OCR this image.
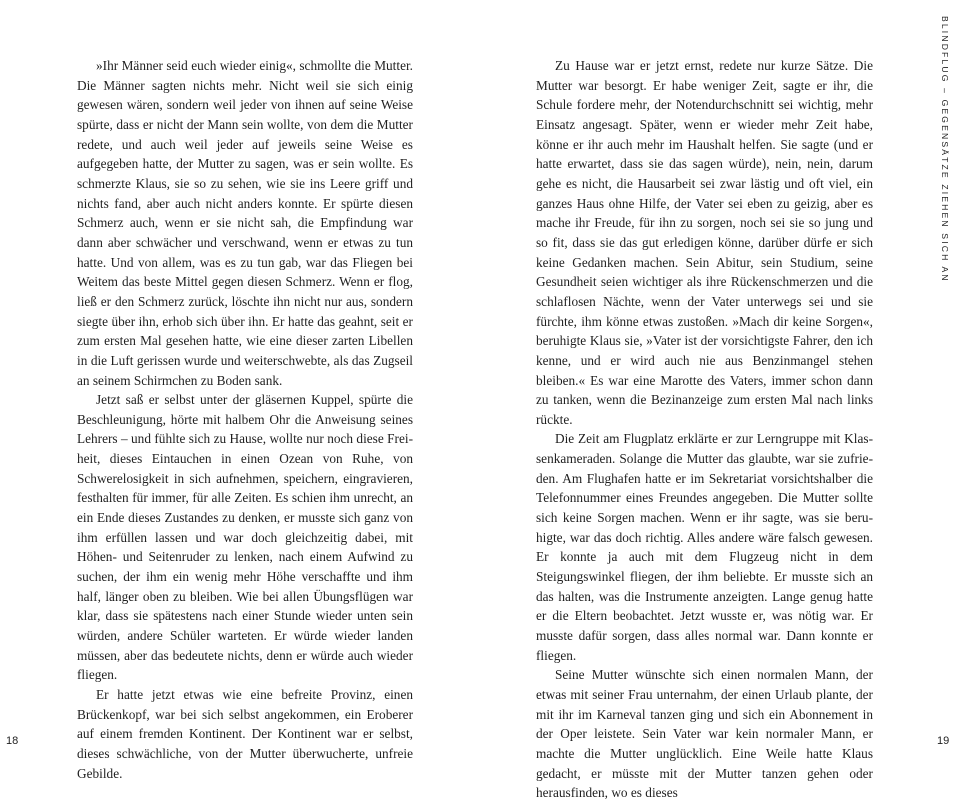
»Ihr Männer seid euch wieder einig«, schmollte die Mutter. Die Männer sagten nichts mehr. Nicht weil sie sich einig gewesen wären, sondern weil jeder von ihnen auf seine Weise spürte, dass er nicht der Mann sein wollte, von dem die Mutter redete, und auch weil jeder auf jeweils seine Weise es aufgegeben hatte, der Mutter zu sagen, was er sein wollte. Es schmerzte Klaus, sie so zu sehen, wie sie ins Leere griff und nichts fand, aber auch nicht anders konnte. Er spürte diesen Schmerz auch, wenn er sie nicht sah, die Empfindung war dann aber schwächer und verschwand, wenn er etwas zu tun hatte. Und von allem, was es zu tun gab, war das Fliegen bei Weitem das beste Mittel gegen diesen Schmerz. Wenn er flog, ließ er den Schmerz zurück, löschte ihn nicht nur aus, sondern siegte über ihn, erhob sich über ihn. Er hatte das geahnt, seit er zum ersten Mal gesehen hatte, wie eine dieser zarten Libellen in die Luft gerissen wurde und weiterschwebte, als das Zugseil an seinem Schirmchen zu Boden sank.

Jetzt saß er selbst unter der gläsernen Kuppel, spürte die Beschleunigung, hörte mit halbem Ohr die Anweisung seines Lehrers – und fühlte sich zu Hause, wollte nur noch diese Freiheit, dieses Eintauchen in einen Ozean von Ruhe, von Schwerelosigkeit in sich aufnehmen, speichern, eingravieren, festhalten für immer, für alle Zeiten. Es schien ihm unrecht, an ein Ende dieses Zustandes zu denken, er musste sich ganz von ihm erfüllen lassen und war doch gleichzeitig dabei, mit Höhen- und Seitenruder zu lenken, nach einem Aufwind zu suchen, der ihm ein wenig mehr Höhe verschaffte und ihm half, länger oben zu bleiben. Wie bei allen Übungsflügen war klar, dass sie spätestens nach einer Stunde wieder unten sein würden, andere Schüler warteten. Er würde wieder landen müssen, aber das bedeutete nichts, denn er würde auch wieder fliegen.

Er hatte jetzt etwas wie eine befreite Provinz, einen Brückenkopf, war bei sich selbst angekommen, ein Eroberer auf einem fremden Kontinent. Der Kontinent war er selbst, dieses schwächliche, von der Mutter überwucherte, unfreie Gebilde.

18

Zu Hause war er jetzt ernst, redete nur kurze Sätze. Die Mutter war besorgt. Er habe weniger Zeit, sagte er ihr, die Schule fordere mehr, der Notendurchschnitt sei wichtig, mehr Einsatz angesagt. Später, wenn er wieder mehr Zeit habe, könne er ihr auch mehr im Haushalt helfen. Sie sagte (und er hatte erwartet, dass sie das sagen würde), nein, nein, darum gehe es nicht, die Hausarbeit sei zwar lästig und oft viel, ein ganzes Haus ohne Hilfe, der Vater sei eben zu geizig, aber es mache ihr Freude, für ihn zu sorgen, noch sei sie so jung und so fit, dass sie das gut erledigen könne, darüber dürfe er sich keine Gedanken machen. Sein Abitur, sein Studium, seine Gesundheit seien wichtiger als ihre Rückenschmerzen und die schlaflosen Nächte, wenn der Vater unterwegs sei und sie fürchte, ihm könne etwas zustoßen. »Mach dir keine Sorgen«, beruhigte Klaus sie, »Vater ist der vorsichtigste Fahrer, den ich kenne, und er wird auch nie aus Benzinmangel stehen bleiben.« Es war eine Marotte des Vaters, immer schon dann zu tanken, wenn die Bezinanzeige zum ersten Mal nach links rückte.

Die Zeit am Flugplatz erklärte er zur Lerngruppe mit Klassenkameraden. Solange die Mutter das glaubte, war sie zufrieden. Am Flughafen hatte er im Sekretariat vorsichtshalber die Telefonnummer eines Freundes angegeben. Die Mutter sollte sich keine Sorgen machen. Wenn er ihr sagte, was sie beruhigte, war das doch richtig. Alles andere wäre falsch gewesen. Er konnte ja auch mit dem Flugzeug nicht in dem Steigungswinkel fliegen, der ihm beliebte. Er musste sich an das halten, was die Instrumente anzeigten. Lange genug hatte er die Eltern beobachtet. Jetzt wusste er, was nötig war. Er musste dafür sorgen, dass alles normal war. Dann konnte er fliegen.

Seine Mutter wünschte sich einen normalen Mann, der etwas mit seiner Frau unternahm, der einen Urlaub plante, der mit ihr im Karneval tanzen ging und sich ein Abonnement in der Oper leistete. Sein Vater war kein normaler Mann, er machte die Mutter unglücklich. Eine Weile hatte Klaus gedacht, er müsste mit der Mutter tanzen gehen oder herausfinden, wo es dieses

BLINDFLUG – GEGENSÄTZE ZIEHEN SICH AN
19
